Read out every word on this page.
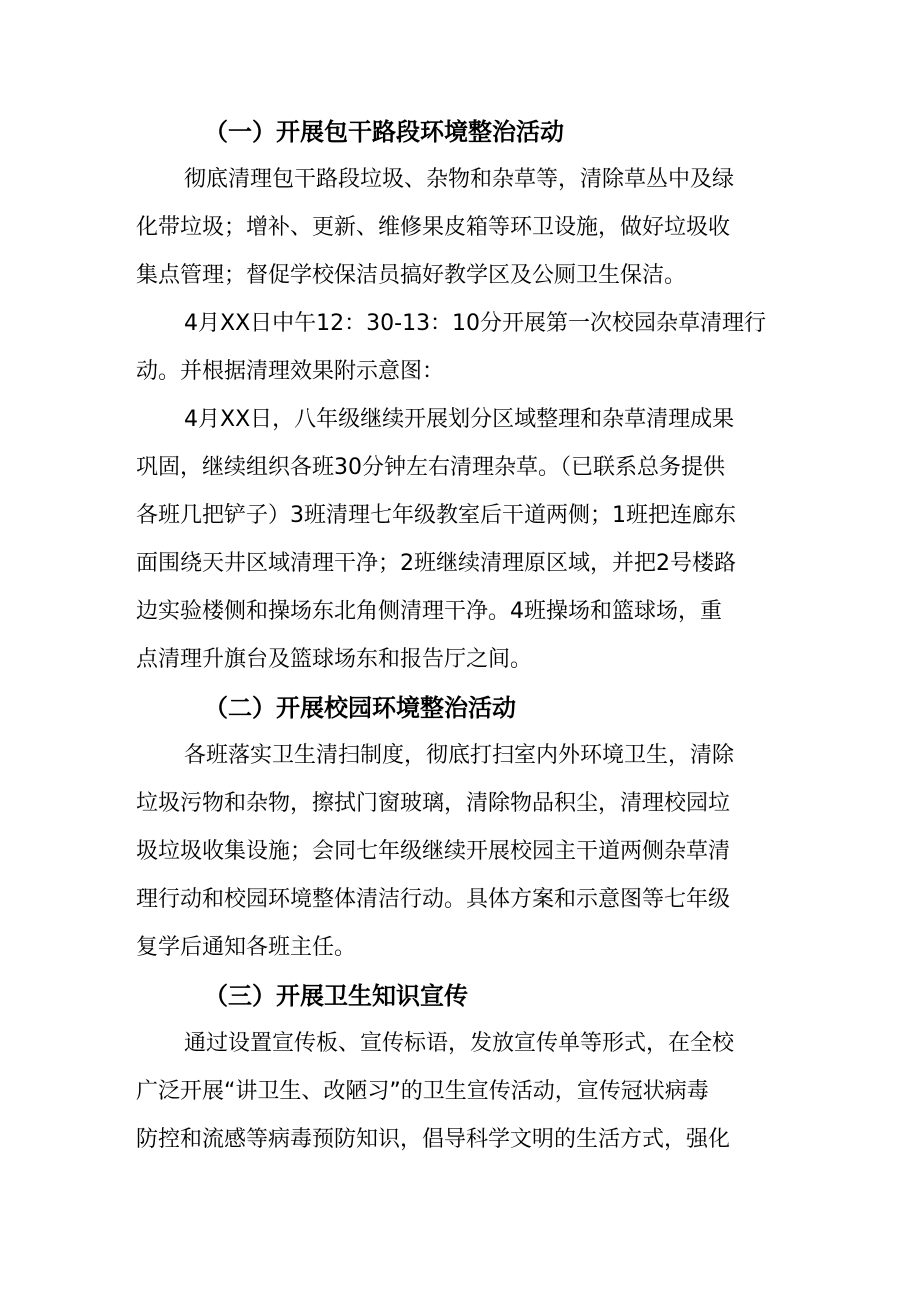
（一）开展包干路段环境整治活动
彻底清理包干路段垃圾、杂物和杂草等，清除草丛中及绿
化带垃圾；增补、更新、维修果皮箱等环卫设施，做好垃圾收
集点管理；督促学校保洁员搞好教学区及公厕卫生保洁。
4月XX日中午12：30-13：10分开展第一次校园杂草清理行
动。并根据清理效果附示意图：
4月XX日，八年级继续开展划分区域整理和杂草清理成果
巩固，继续组织各班30分钟左右清理杂草。（已联系总务提供
各班几把铲子）3班清理七年级教室后干道两侧；1班把连廊东
面围绕天井区域清理干净；2班继续清理原区域，并把2号楼路
边实验楼侧和操场东北角侧清理干净。4班操场和篮球场，重
点清理升旗台及篮球场东和报告厅之间。
（二）开展校园环境整治活动
各班落实卫生清扫制度，彻底打扫室内外环境卫生，清除
垃圾污物和杂物，擦拭门窗玻璃，清除物品积尘，清理校园垃
圾垃圾收集设施；会同七年级继续开展校园主干道两侧杂草清
理行动和校园环境整体清洁行动。具体方案和示意图等七年级
复学后通知各班主任。
（三）开展卫生知识宣传
通过设置宣传板、宣传标语，发放宣传单等形式，在全校
广泛开展“讲卫生、改陋习”的卫生宣传活动，宣传冠状病毒
防控和流感等病毒预防知识，倡导科学文明的生活方式，强化
